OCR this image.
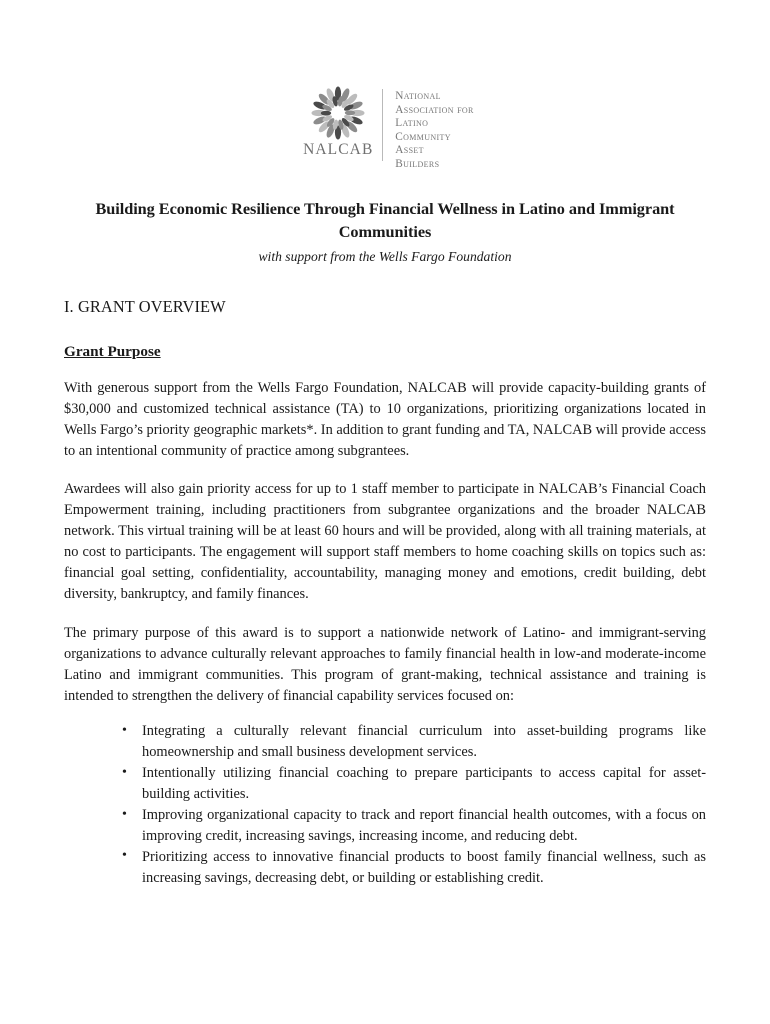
NALCAB
National
Association for
Latino
Community
Asset
Builders
Building Economic Resilience Through Financial Wellness in Latino and Immigrant Communities
with support from the Wells Fargo Foundation
I. GRANT OVERVIEW
Grant Purpose

With generous support from the Wells Fargo Foundation, NALCAB will provide capacity-building grants of $30,000 and customized technical assistance (TA) to 10 organizations, prioritizing organizations located in Wells Fargo’s priority geographic markets*. In addition to grant funding and TA, NALCAB will provide access to an intentional community of practice among subgrantees.

Awardees will also gain priority access for up to 1 staff member to participate in NALCAB’s Financial Coach Empowerment training, including practitioners from subgrantee organizations and the broader NALCAB network. This virtual training will be at least 60 hours and will be provided, along with all training materials, at no cost to participants. The engagement will support staff members to home coaching skills on topics such as: financial goal setting, confidentiality, accountability, managing money and emotions, credit building, debt diversity, bankruptcy, and family finances.

The primary purpose of this award is to support a nationwide network of Latino- and immigrant-serving organizations to advance culturally relevant approaches to family financial health in low-and moderate-income Latino and immigrant communities. This program of grant-making, technical assistance and training is intended to strengthen the delivery of financial capability services focused on:

• Integrating a culturally relevant financial curriculum into asset-building programs like homeownership and small business development services.
• Intentionally utilizing financial coaching to prepare participants to access capital for asset-building activities.
• Improving organizational capacity to track and report financial health outcomes, with a focus on improving credit, increasing savings, increasing income, and reducing debt.
• Prioritizing access to innovative financial products to boost family financial wellness, such as increasing savings, decreasing debt, or building or establishing credit.
